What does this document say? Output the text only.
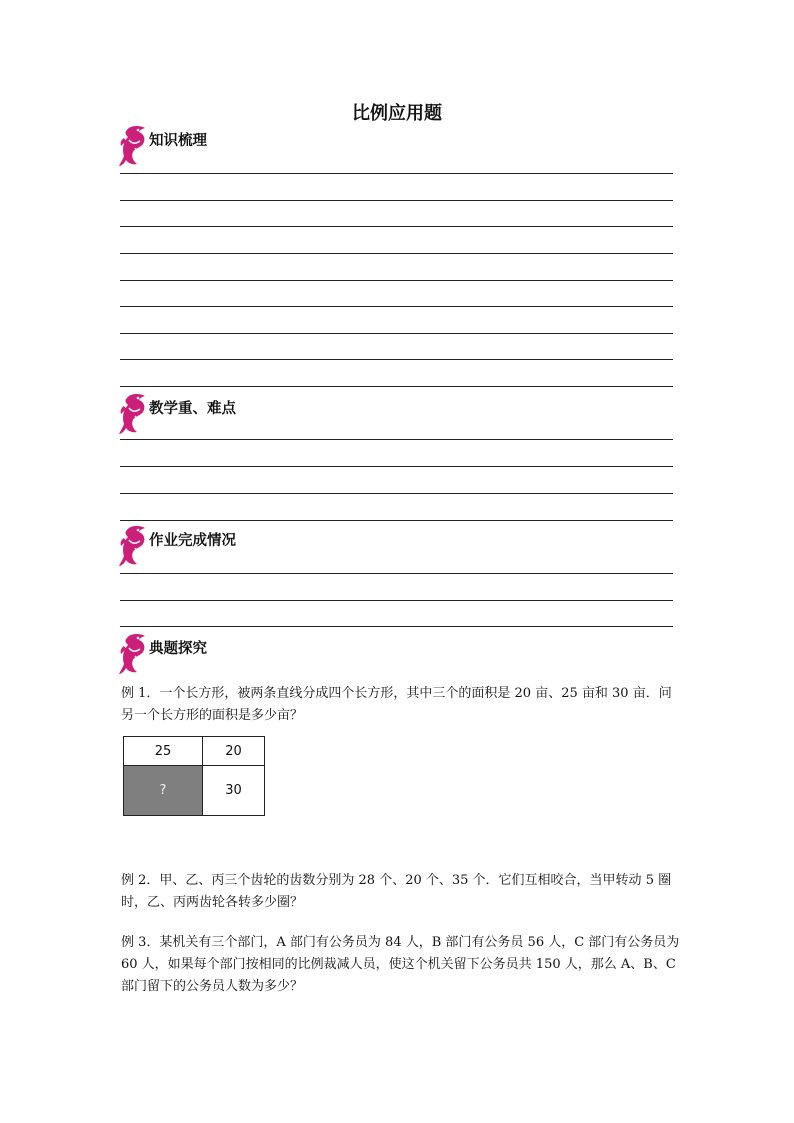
比例应用题
知识梳理
教学重、难点
作业完成情况
典题探究
例 1．一个长方形，被两条直线分成四个长方形，其中三个的面积是 20 亩、25 亩和 30 亩．问另一个长方形的面积是多少亩？
25	20
?	30
例 2．甲、乙、丙三个齿轮的齿数分别为 28 个、20 个、35 个．它们互相咬合，当甲转动 5 圈时，乙、丙两齿轮各转多少圈？
例 3．某机关有三个部门，A 部门有公务员为 84 人，B 部门有公务员 56 人，C 部门有公务员为 60 人，如果每个部门按相同的比例裁减人员，使这个机关留下公务员共 150 人，那么 A、B、C 部门留下的公务员人数为多少？
